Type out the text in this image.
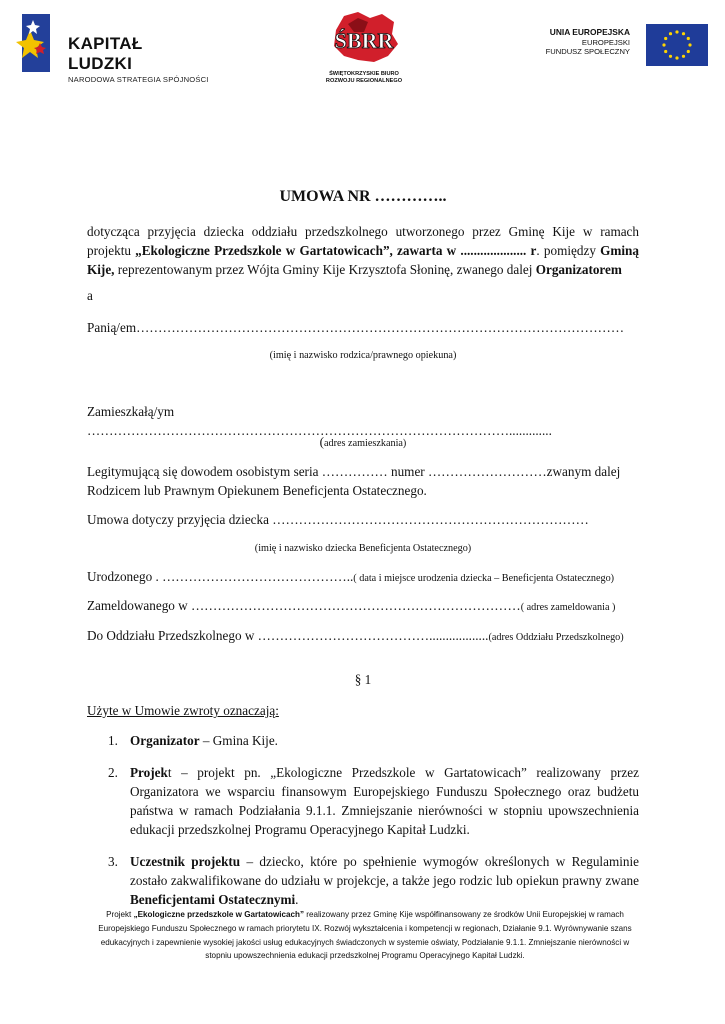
KAPITAŁ LUDZKI
NARODOWA STRATEGIA SPÓJNOŚCI
ŚBRR
ŚWIĘTOKRZYSKIE BIURO
ROZWOJU REGIONALNEGO
UNIA EUROPEJSKA
EUROPEJSKI
FUNDUSZ SPOŁECZNY
UMOWA NR …………..

dotycząca przyjęcia dziecka oddziału przedszkolnego utworzonego przez Gminę Kije w ramach projektu „Ekologiczne Przedszkole w Gartatowicach”, zawarta w .................... r. pomiędzy Gminą Kije, reprezentowanym przez Wójta Gminy Kije Krzysztofa Słoninę, zwanego dalej Organizatorem

a

Panią/em…………………………………………………………………………………………………

(imię i nazwisko rodzica/prawnego opiekuna)

Zamieszkałą/ym …………………………………………………………………………………….............

(adres zamieszkania)

Legitymującą się dowodem osobistym seria …………… numer ………………………zwanym dalej Rodzicem lub Prawnym Opiekunem Beneficjenta Ostatecznego.

Umowa dotyczy przyjęcia dziecka ………………………………………………………………

(imię i nazwisko dziecka Beneficjenta Ostatecznego)

Urodzonego . ……………………………………..( data i miejsce urodzenia dziecka – Beneficjenta Ostatecznego)

Zameldowanego w …………………………………………………………………( adres zameldowania )

Do Oddziału Przedszkolnego w …………………………………..................(adres Oddziału Przedszkolnego)

§ 1

Użyte w Umowie zwroty oznaczają:

1. Organizator – Gmina Kije.
2. Projekt – projekt pn. „Ekologiczne Przedszkole w Gartatowicach” realizowany przez Organizatora we wsparciu finansowym Europejskiego Funduszu Społecznego oraz budżetu państwa w ramach Podziałania 9.1.1. Zmniejszanie nierówności w stopniu upowszechnienia edukacji przedszkolnej Programu Operacyjnego Kapitał Ludzki.
3. Uczestnik projektu – dziecko, które po spełnienie wymogów określonych w Regulaminie zostało zakwalifikowane do udziału w projekcje, a także jego rodzic lub opiekun prawny zwane Beneficjentami Ostatecznymi.
Projekt „Ekologiczne przedszkole w Gartatowicach” realizowany przez Gminę Kije współfinansowany ze środków Unii Europejskiej w ramach Europejskiego Funduszu Społecznego w ramach priorytetu IX. Rozwój wykształcenia i kompetencji w regionach, Działanie 9.1. Wyrównywanie szans edukacyjnych i zapewnienie wysokiej jakości usług edukacyjnych świadczonych w systemie oświaty, Podziałanie 9.1.1. Zmniejszanie nierówności w stopniu upowszechnienia edukacji przedszkolnej Programu Operacyjnego Kapitał Ludzki.
